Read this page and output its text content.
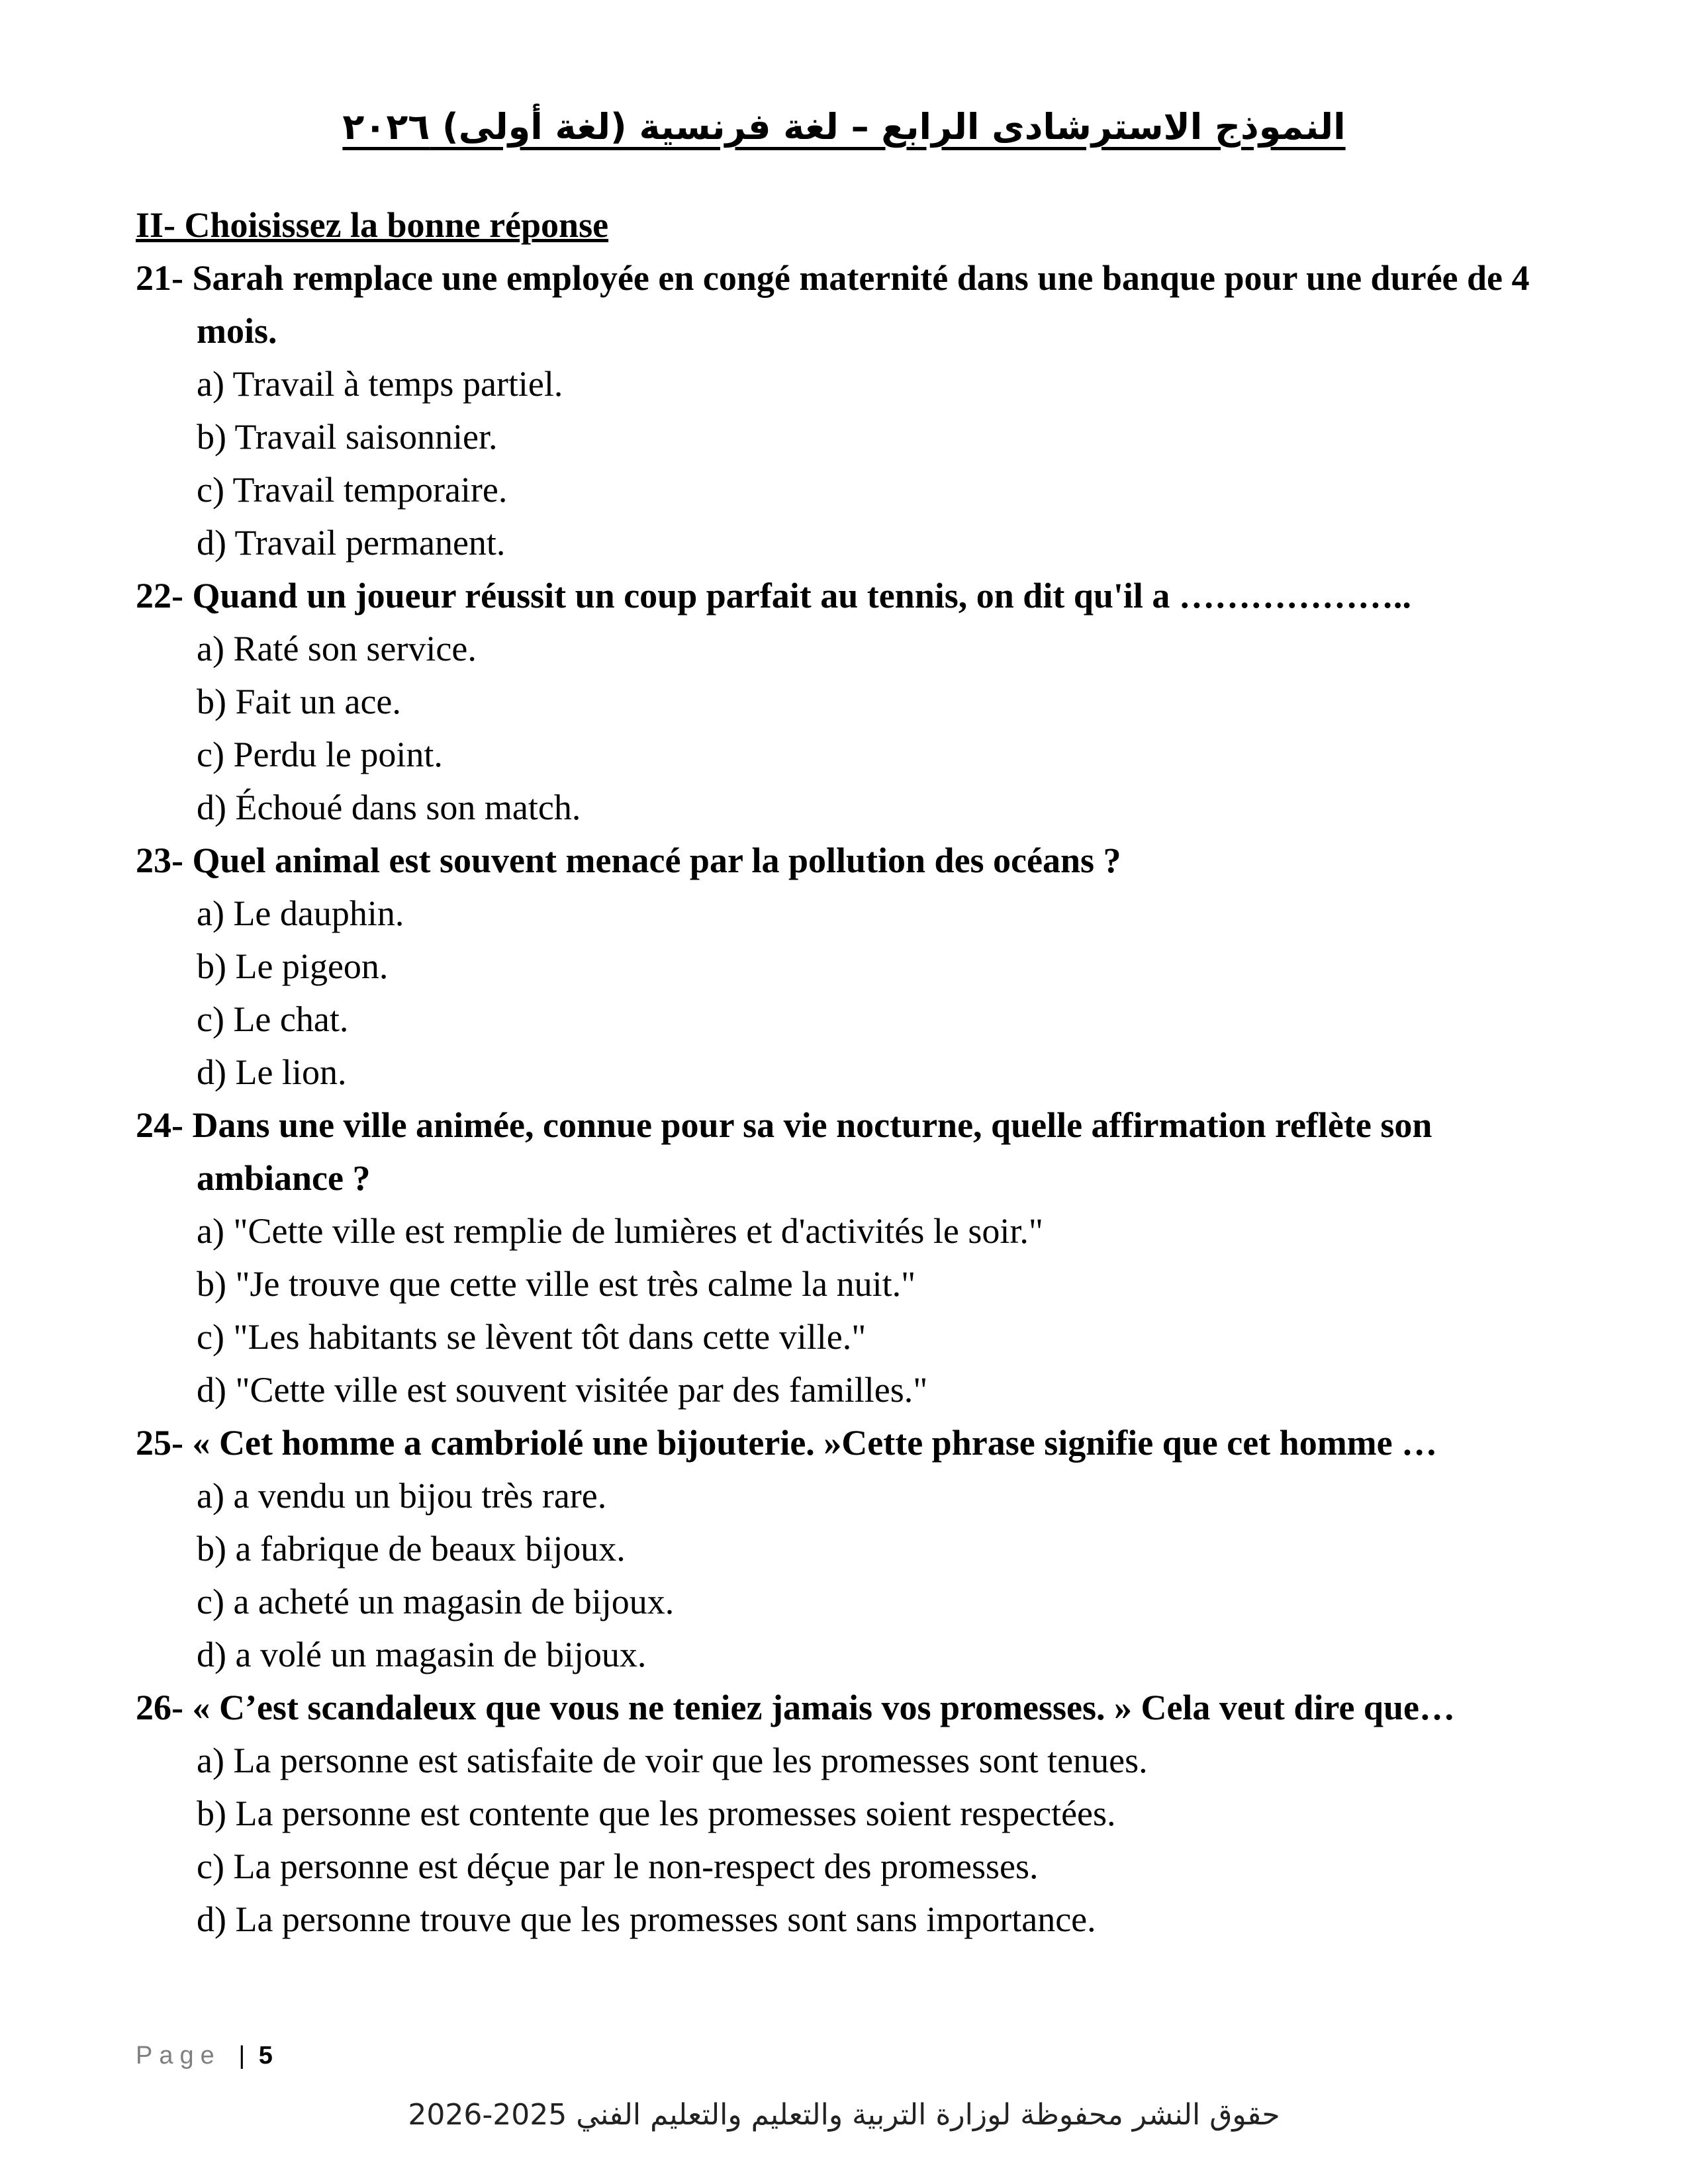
النموذج الاسترشادى الرابع – لغة فرنسية (لغة أولى) ٢٠٢٦

II- Choisissez la bonne réponse

21- Sarah remplace une employée en congé maternité dans une banque pour une durée de 4 mois.
a) Travail à temps partiel.
b) Travail saisonnier.
c) Travail temporaire.
d) Travail permanent.
22- Quand un joueur réussit un coup parfait au tennis, on dit qu'il a ………………..
a) Raté son service.
b) Fait un ace.
c) Perdu le point.
d) Échoué dans son match.
23- Quel animal est souvent menacé par la pollution des océans ?
a) Le dauphin.
b) Le pigeon.
c) Le chat.
d) Le lion.
24- Dans une ville animée, connue pour sa vie nocturne, quelle affirmation reflète son ambiance ?
a) "Cette ville est remplie de lumières et d'activités le soir."
b) "Je trouve que cette ville est très calme la nuit."
c) "Les habitants se lèvent tôt dans cette ville."
d) "Cette ville est souvent visitée par des familles."
25- « Cet homme a cambriolé une bijouterie. »Cette phrase signifie que cet homme …
a) a vendu un bijou très rare.
b) a fabrique de beaux bijoux.
c) a acheté un magasin de bijoux.
d) a volé un magasin de bijoux.
26- « C’est scandaleux que vous ne teniez jamais vos promesses. » Cela veut dire que…
a) La personne est satisfaite de voir que les promesses sont tenues.
b) La personne est contente que les promesses soient respectées.
c) La personne est déçue par le non-respect des promesses.
d) La personne trouve que les promesses sont sans importance.
Page | 5
حقوق النشر محفوظة لوزارة التربية والتعليم والتعليم الفني 2025-2026
